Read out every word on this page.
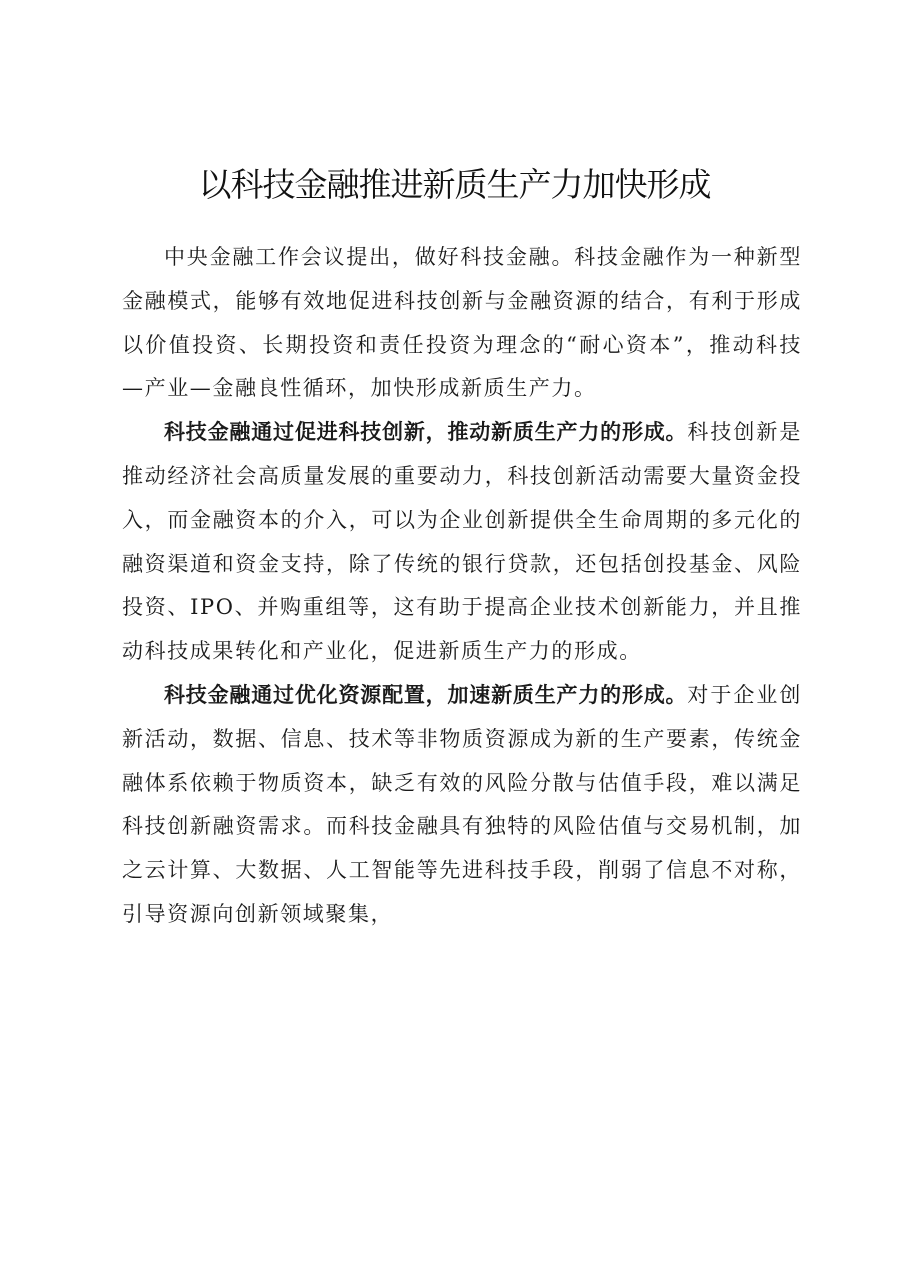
以科技金融推进新质生产力加快形成

中央金融工作会议提出，做好科技金融。科技金融作为一种新型金融模式，能够有效地促进科技创新与金融资源的结合，有利于形成以价值投资、长期投资和责任投资为理念的“耐心资本”，推动科技—产业—金融良性循环，加快形成新质生产力。

科技金融通过促进科技创新，推动新质生产力的形成。科技创新是推动经济社会高质量发展的重要动力，科技创新活动需要大量资金投入，而金融资本的介入，可以为企业创新提供全生命周期的多元化的融资渠道和资金支持，除了传统的银行贷款，还包括创投基金、风险投资、IPO、并购重组等，这有助于提高企业技术创新能力，并且推动科技成果转化和产业化，促进新质生产力的形成。

科技金融通过优化资源配置，加速新质生产力的形成。对于企业创新活动，数据、信息、技术等非物质资源成为新的生产要素，传统金融体系依赖于物质资本，缺乏有效的风险分散与估值手段，难以满足科技创新融资需求。而科技金融具有独特的风险估值与交易机制，加之云计算、大数据、人工智能等先进科技手段，削弱了信息不对称，引导资源向创新领域聚集，
